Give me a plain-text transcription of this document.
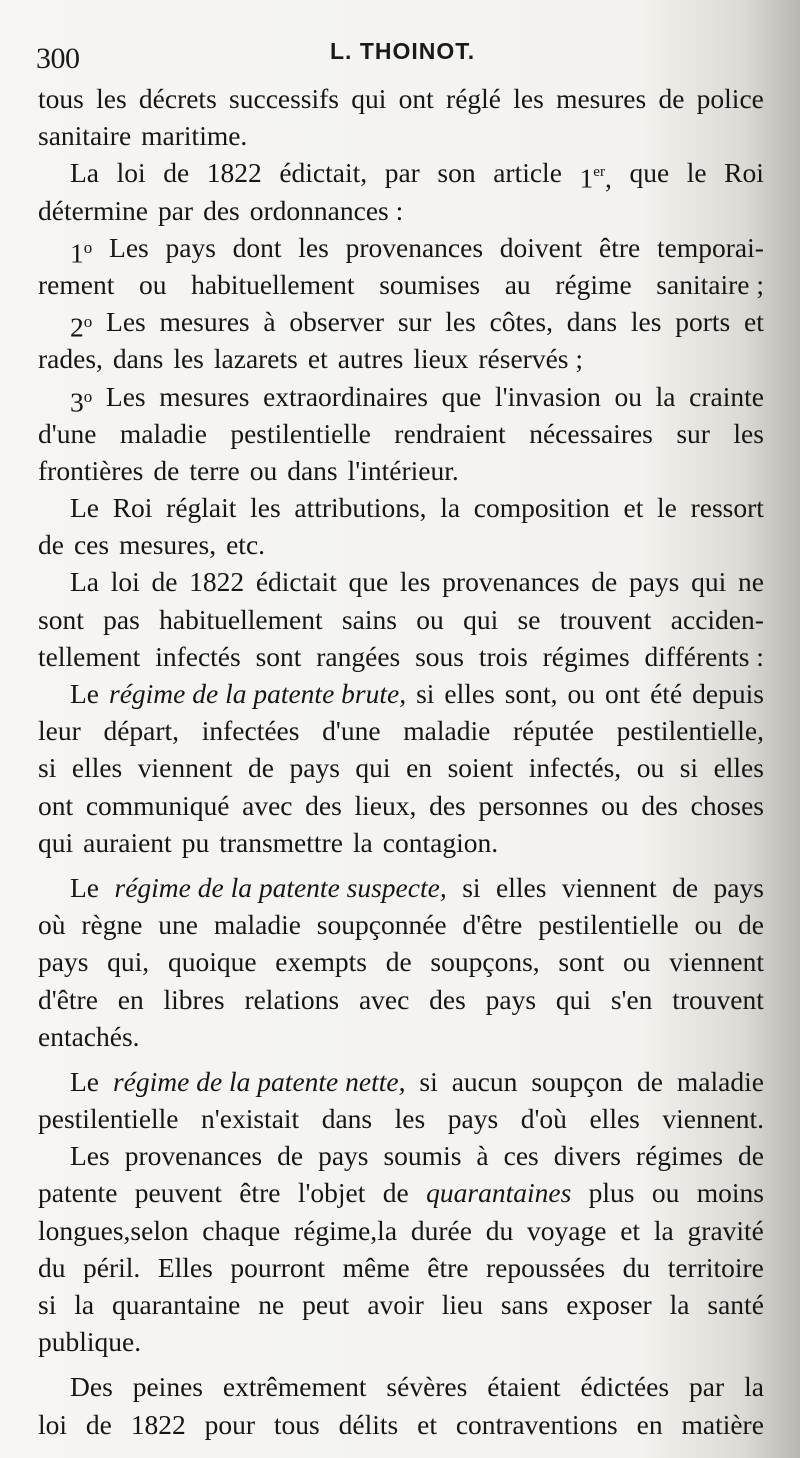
300	L. THOINOT.
tous les décrets successifs qui ont réglé les mesures de police
sanitaire maritime.
La loi de 1822 édictait, par son article 1er, que le Roi
détermine par des ordonnances :
1$^o$ Les pays dont les provenances doivent être temporai-
rement ou habituellement soumises au régime sanitaire ;
2$^o$ Les mesures à observer sur les côtes, dans les ports et
rades, dans les lazarets et autres lieux réservés ;
3$^o$ Les mesures extraordinaires que l'invasion ou la crainte
d'une maladie pestilentielle rendraient nécessaires sur les
frontières de terre ou dans l'intérieur.
Le Roi réglait les attributions, la composition et le ressort
de ces mesures, etc.
La loi de 1822 édictait que les provenances de pays qui ne
sont pas habituellement sains ou qui se trouvent acciden-
tellement infectés sont rangées sous trois régimes différents :
Le régime de la patente brute, si elles sont, ou ont été depuis
leur départ, infectées d'une maladie réputée pestilentielle,
si elles viennent de pays qui en soient infectés, ou si elles
ont communiqué avec des lieux, des personnes ou des choses
qui auraient pu transmettre la contagion.
Le régime de la patente suspecte, si elles viennent de pays
où règne une maladie soupçonnée d'être pestilentielle ou de
pays qui, quoique exempts de soupçons, sont ou viennent
d'être en libres relations avec des pays qui s'en trouvent
entachés.
Le régime de la patente nette, si aucun soupçon de maladie
pestilentielle n'existait dans les pays d'où elles viennent.
Les provenances de pays soumis à ces divers régimes de
patente peuvent être l'objet de quarantaines plus ou moins
longues,selon chaque régime,la durée du voyage et la gravité
du péril. Elles pourront même être repoussées du territoire
si la quarantaine ne peut avoir lieu sans exposer la santé
publique.
Des peines extrêmement sévères étaient édictées par la
loi de 1822 pour tous délits et contraventions en matière
